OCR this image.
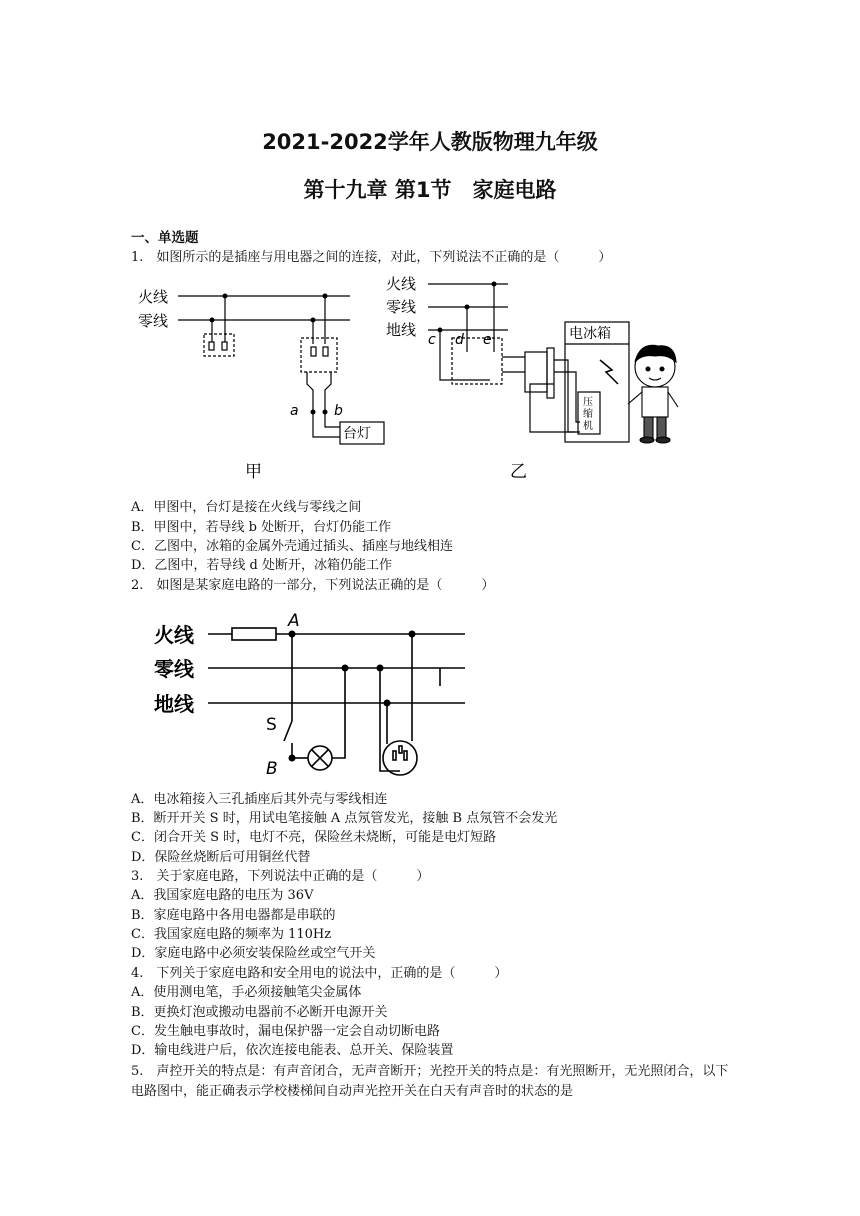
2021-2022学年人教版物理九年级
第十九章 第1节　家庭电路
一、单选题
1.　如图所示的是插座与用电器之间的连接，对此，下列说法不正确的是（　　　）
火线
零线
a	b
台灯
甲
火线
零线
地线
c d e	电冰箱
压
缩
机
乙
A．甲图中，台灯是接在火线与零线之间
B．甲图中，若导线 b 处断开，台灯仍能工作
C．乙图中，冰箱的金属外壳通过插头、插座与地线相连
D．乙图中，若导线 d 处断开，冰箱仍能工作
2.　如图是某家庭电路的一部分，下列说法正确的是（　　　）
火线
零线
地线
A
S
B
A．电冰箱接入三孔插座后其外壳与零线相连
B．断开开关 S 时，用试电笔接触 A 点氖管发光，接触 B 点氖管不会发光
C．闭合开关 S 时，电灯不亮，保险丝未烧断，可能是电灯短路
D．保险丝烧断后可用铜丝代替
3.　关于家庭电路，下列说法中正确的是（　　　）
A．我国家庭电路的电压为 36V
B．家庭电路中各用电器都是串联的
C．我国家庭电路的频率为 110Hz
D．家庭电路中必须安装保险丝或空气开关
4.　下列关于家庭电路和安全用电的说法中，正确的是（　　　）
A．使用测电笔，手必须接触笔尖金属体
B．更换灯泡或搬动电器前不必断开电源开关
C．发生触电事故时，漏电保护器一定会自动切断电路
D．输电线进户后，依次连接电能表、总开关、保险装置
5.　声控开关的特点是：有声音闭合，无声音断开；光控开关的特点是：有光照断开，无光照闭合，以下电路图中，能正确表示学校楼梯间自动声光控开关在白天有声音时的状态的是
